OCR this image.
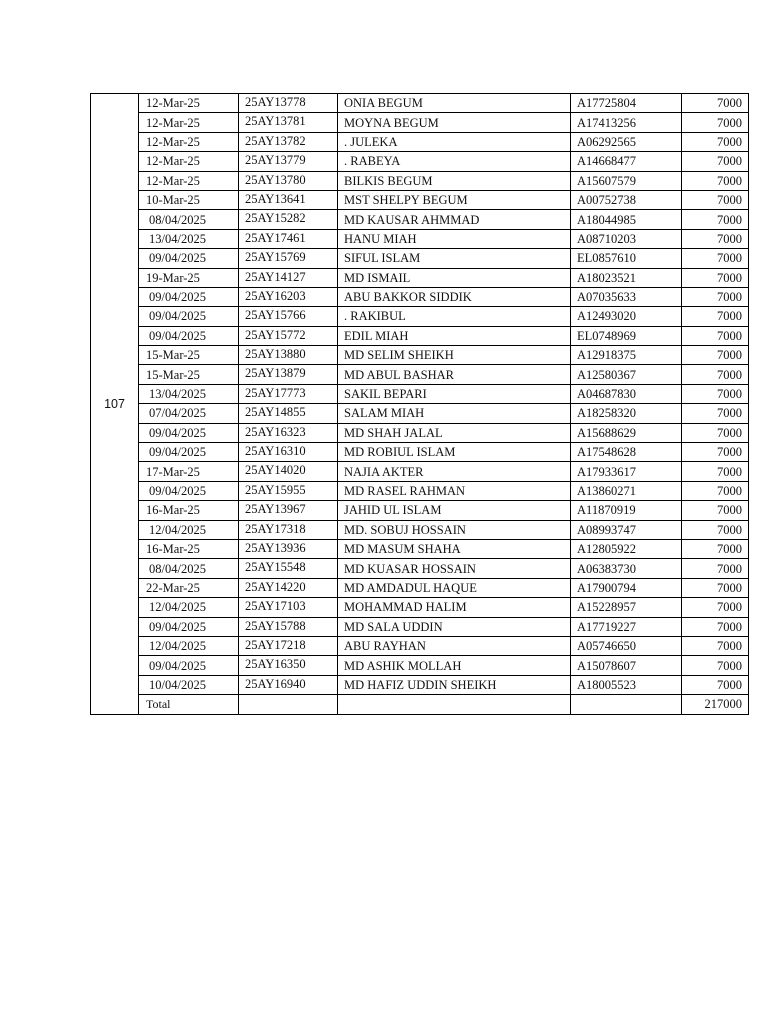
107	12-Mar-25	25AY13778	ONIA BEGUM	A17725804	7000
	12-Mar-25	25AY13781	MOYNA BEGUM	A17413256	7000
	12-Mar-25	25AY13782	. JULEKA	A06292565	7000
	12-Mar-25	25AY13779	. RABEYA	A14668477	7000
	12-Mar-25	25AY13780	BILKIS BEGUM	A15607579	7000
	10-Mar-25	25AY13641	MST SHELPY BEGUM	A00752738	7000
	08/04/2025	25AY15282	MD KAUSAR AHMMAD	A18044985	7000
	13/04/2025	25AY17461	HANU MIAH	A08710203	7000
	09/04/2025	25AY15769	SIFUL ISLAM	EL0857610	7000
	19-Mar-25	25AY14127	MD ISMAIL	A18023521	7000
	09/04/2025	25AY16203	ABU BAKKOR SIDDIK	A07035633	7000
	09/04/2025	25AY15766	. RAKIBUL	A12493020	7000
	09/04/2025	25AY15772	EDIL MIAH	EL0748969	7000
	15-Mar-25	25AY13880	MD SELIM SHEIKH	A12918375	7000
	15-Mar-25	25AY13879	MD ABUL BASHAR	A12580367	7000
	13/04/2025	25AY17773	SAKIL BEPARI	A04687830	7000
	07/04/2025	25AY14855	SALAM MIAH	A18258320	7000
	09/04/2025	25AY16323	MD SHAH JALAL	A15688629	7000
	09/04/2025	25AY16310	MD ROBIUL ISLAM	A17548628	7000
	17-Mar-25	25AY14020	NAJIA AKTER	A17933617	7000
	09/04/2025	25AY15955	MD RASEL RAHMAN	A13860271	7000
	16-Mar-25	25AY13967	JAHID UL ISLAM	A11870919	7000
	12/04/2025	25AY17318	MD. SOBUJ HOSSAIN	A08993747	7000
	16-Mar-25	25AY13936	MD MASUM SHAHA	A12805922	7000
	08/04/2025	25AY15548	MD KUASAR HOSSAIN	A06383730	7000
	22-Mar-25	25AY14220	MD AMDADUL HAQUE	A17900794	7000
	12/04/2025	25AY17103	MOHAMMAD HALIM	A15228957	7000
	09/04/2025	25AY15788	MD SALA UDDIN	A17719227	7000
	12/04/2025	25AY17218	ABU RAYHAN	A05746650	7000
	09/04/2025	25AY16350	MD ASHIK MOLLAH	A15078607	7000
	10/04/2025	25AY16940	MD HAFIZ UDDIN SHEIKH	A18005523	7000
	Total				217000
